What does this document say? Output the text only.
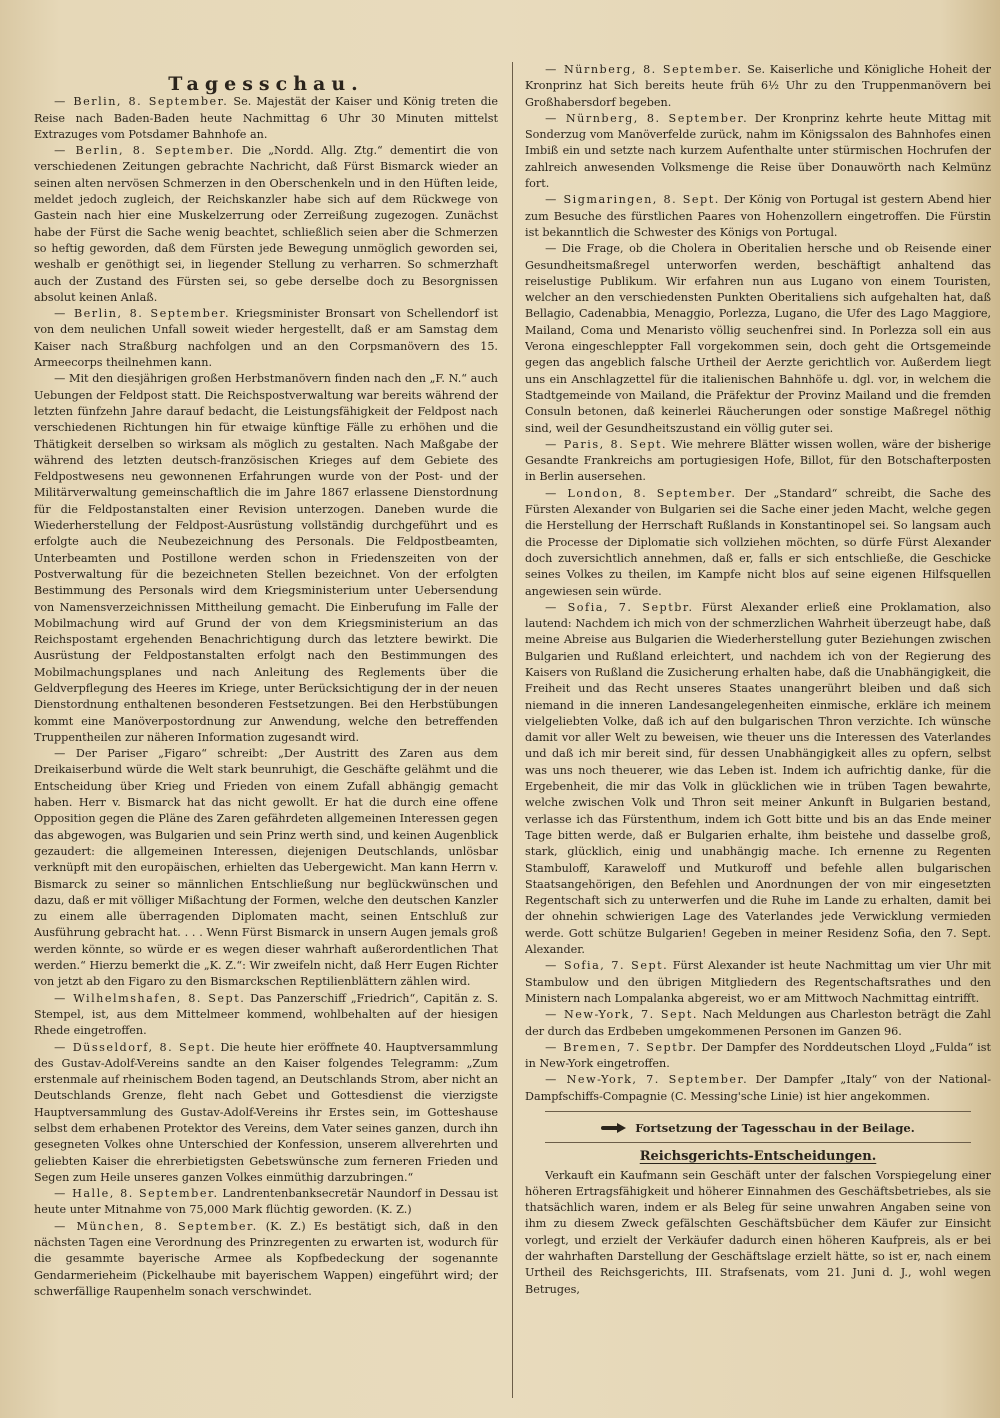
Tagesschau.

— Berlin, 8. September. Se. Majestät der Kaiser und König treten die Reise nach Baden-Baden heute Nachmittag 6 Uhr 30 Minuten mittelst Extrazuges vom Potsdamer Bahnhofe an.

— Berlin, 8. September. Die „Nordd. Allg. Ztg.“ dementirt die von verschiedenen Zeitungen gebrachte Nachricht, daß Fürst Bismarck wieder an seinen alten nervösen Schmerzen in den Oberschenkeln und in den Hüften leide, meldet jedoch zugleich, der Reichskanzler habe sich auf dem Rückwege von Gastein nach hier eine Muskelzerrung oder Zerreißung zugezogen. Zunächst habe der Fürst die Sache wenig beachtet, schließlich seien aber die Schmerzen so heftig geworden, daß dem Fürsten jede Bewegung unmöglich geworden sei, weshalb er genöthigt sei, in liegender Stellung zu verharren. So schmerzhaft auch der Zustand des Fürsten sei, so gebe derselbe doch zu Besorgnissen absolut keinen Anlaß.

— Berlin, 8. September. Kriegsminister Bronsart von Schellendorf ist von dem neulichen Unfall soweit wieder hergestellt, daß er am Samstag dem Kaiser nach Straßburg nachfolgen und an den Corpsmanövern des 15. Armeecorps theilnehmen kann.

— Mit den diesjährigen großen Herbstmanövern finden nach den „F. N.“ auch Uebungen der Feldpost statt. Die Reichspostverwaltung war bereits während der letzten fünfzehn Jahre darauf bedacht, die Leistungsfähigkeit der Feldpost nach verschiedenen Richtungen hin für etwaige künftige Fälle zu erhöhen und die Thätigkeit derselben so wirksam als möglich zu gestalten. Nach Maßgabe der während des letzten deutsch-französischen Krieges auf dem Gebiete des Feldpostwesens neu gewonnenen Erfahrungen wurde von der Post- und der Militärverwaltung gemeinschaftlich die im Jahre 1867 erlassene Dienstordnung für die Feldpostanstalten einer Revision unterzogen. Daneben wurde die Wiederherstellung der Feldpost-Ausrüstung vollständig durchgeführt und es erfolgte auch die Neubezeichnung des Personals. Die Feldpostbeamten, Unterbeamten und Postillone werden schon in Friedenszeiten von der Postverwaltung für die bezeichneten Stellen bezeichnet. Von der erfolgten Bestimmung des Personals wird dem Kriegsministerium unter Uebersendung von Namensverzeichnissen Mittheilung gemacht. Die Einberufung im Falle der Mobilmachung wird auf Grund der von dem Kriegsministerium an das Reichspostamt ergehenden Benachrichtigung durch das letztere bewirkt. Die Ausrüstung der Feldpostanstalten erfolgt nach den Bestimmungen des Mobilmachungsplanes und nach Anleitung des Reglements über die Geldverpflegung des Heeres im Kriege, unter Berücksichtigung der in der neuen Dienstordnung enthaltenen besonderen Festsetzungen. Bei den Herbstübungen kommt eine Manöverpostordnung zur Anwendung, welche den betreffenden Truppentheilen zur näheren Information zugesandt wird.

— Der Pariser „Figaro“ schreibt: „Der Austritt des Zaren aus dem Dreikaiserbund würde die Welt stark beunruhigt, die Geschäfte gelähmt und die Entscheidung über Krieg und Frieden von einem Zufall abhängig gemacht haben. Herr v. Bismarck hat das nicht gewollt. Er hat die durch eine offene Opposition gegen die Pläne des Zaren gefährdeten allgemeinen Interessen gegen das abgewogen, was Bulgarien und sein Prinz werth sind, und keinen Augenblick gezaudert: die allgemeinen Interessen, diejenigen Deutschlands, unlösbar verknüpft mit den europäischen, erhielten das Uebergewicht. Man kann Herrn v. Bismarck zu seiner so männlichen Entschließung nur beglückwünschen und dazu, daß er mit völliger Mißachtung der Formen, welche den deutschen Kanzler zu einem alle überragenden Diplomaten macht, seinen Entschluß zur Ausführung gebracht hat. . . . Wenn Fürst Bismarck in unsern Augen jemals groß werden könnte, so würde er es wegen dieser wahrhaft außerordentlichen That werden.“ Hierzu bemerkt die „K. Z.“: Wir zweifeln nicht, daß Herr Eugen Richter von jetzt ab den Figaro zu den Bismarckschen Reptilienblättern zählen wird.

— Wilhelmshafen, 8. Sept. Das Panzerschiff „Friedrich“, Capitän z. S. Stempel, ist, aus dem Mittelmeer kommend, wohlbehalten auf der hiesigen Rhede eingetroffen.

— Düsseldorf, 8. Sept. Die heute hier eröffnete 40. Hauptversammlung des Gustav-Adolf-Vereins sandte an den Kaiser folgendes Telegramm: „Zum erstenmale auf rheinischem Boden tagend, an Deutschlands Strom, aber nicht an Deutschlands Grenze, fleht nach Gebet und Gottesdienst die vierzigste Hauptversammlung des Gustav-Adolf-Vereins ihr Erstes sein, im Gotteshause selbst dem erhabenen Protektor des Vereins, dem Vater seines ganzen, durch ihn gesegneten Volkes ohne Unterschied der Konfession, unserem allverehrten und geliebten Kaiser die ehrerbietigsten Gebetswünsche zum ferneren Frieden und Segen zum Heile unseres ganzen Volkes einmüthig darzubringen.“

— Halle, 8. September. Landrentenbanksecretär Naundorf in Dessau ist heute unter Mitnahme von 75,000 Mark flüchtig geworden. (K. Z.)

— München, 8. September. (K. Z.) Es bestätigt sich, daß in den nächsten Tagen eine Verordnung des Prinzregenten zu erwarten ist, wodurch für die gesammte bayerische Armee als Kopfbedeckung der sogenannte Gendarmerieheim (Pickelhaube mit bayerischem Wappen) eingeführt wird; der schwerfällige Raupenhelm sonach verschwindet.

— Nürnberg, 8. September. Se. Kaiserliche und Königliche Hoheit der Kronprinz hat Sich bereits heute früh 6½ Uhr zu den Truppenmanövern bei Großhabersdorf begeben.

— Nürnberg, 8. September. Der Kronprinz kehrte heute Mittag mit Sonderzug vom Manöverfelde zurück, nahm im Königssalon des Bahnhofes einen Imbiß ein und setzte nach kurzem Aufenthalte unter stürmischen Hochrufen der zahlreich anwesenden Volksmenge die Reise über Donauwörth nach Kelmünz fort.

— Sigmaringen, 8. Sept. Der König von Portugal ist gestern Abend hier zum Besuche des fürstlichen Paares von Hohenzollern eingetroffen. Die Fürstin ist bekanntlich die Schwester des Königs von Portugal.

— Die Frage, ob die Cholera in Oberitalien hersche und ob Reisende einer Gesundheitsmaßregel unterworfen werden, beschäftigt anhaltend das reiselustige Publikum. Wir erfahren nun aus Lugano von einem Touristen, welcher an den verschiedensten Punkten Oberitaliens sich aufgehalten hat, daß Bellagio, Cadenabbia, Menaggio, Porlezza, Lugano, die Ufer des Lago Maggiore, Mailand, Coma und Menaristo völlig seuchenfrei sind. In Porlezza soll ein aus Verona eingeschleppter Fall vorgekommen sein, doch geht die Ortsgemeinde gegen das angeblich falsche Urtheil der Aerzte gerichtlich vor. Außerdem liegt uns ein Anschlagzettel für die italienischen Bahnhöfe u. dgl. vor, in welchem die Stadtgemeinde von Mailand, die Präfektur der Provinz Mailand und die fremden Consuln betonen, daß keinerlei Räucherungen oder sonstige Maßregel nöthig sind, weil der Gesundheitszustand ein völlig guter sei.

— Paris, 8. Sept. Wie mehrere Blätter wissen wollen, wäre der bisherige Gesandte Frankreichs am portugiesigen Hofe, Billot, für den Botschafterposten in Berlin ausersehen.

— London, 8. September. Der „Standard“ schreibt, die Sache des Fürsten Alexander von Bulgarien sei die Sache einer jeden Macht, welche gegen die Herstellung der Herrschaft Rußlands in Konstantinopel sei. So langsam auch die Processe der Diplomatie sich vollziehen möchten, so dürfe Fürst Alexander doch zuversichtlich annehmen, daß er, falls er sich entschließe, die Geschicke seines Volkes zu theilen, im Kampfe nicht blos auf seine eigenen Hilfsquellen angewiesen sein würde.

— Sofia, 7. Septbr. Fürst Alexander erließ eine Proklamation, also lautend: Nachdem ich mich von der schmerzlichen Wahrheit überzeugt habe, daß meine Abreise aus Bulgarien die Wiederherstellung guter Beziehungen zwischen Bulgarien und Rußland erleichtert, und nachdem ich von der Regierung des Kaisers von Rußland die Zusicherung erhalten habe, daß die Unabhängigkeit, die Freiheit und das Recht unseres Staates unangerührt bleiben und daß sich niemand in die inneren Landesangelegenheiten einmische, erkläre ich meinem vielgeliebten Volke, daß ich auf den bulgarischen Thron verzichte. Ich wünsche damit vor aller Welt zu beweisen, wie theuer uns die Interessen des Vaterlandes und daß ich mir bereit sind, für dessen Unabhängigkeit alles zu opfern, selbst was uns noch theuerer, wie das Leben ist. Indem ich aufrichtig danke, für die Ergebenheit, die mir das Volk in glücklichen wie in trüben Tagen bewahrte, welche zwischen Volk und Thron seit meiner Ankunft in Bulgarien bestand, verlasse ich das Fürstenthum, indem ich Gott bitte und bis an das Ende meiner Tage bitten werde, daß er Bulgarien erhalte, ihm beistehe und dasselbe groß, stark, glücklich, einig und unabhängig mache. Ich ernenne zu Regenten Stambuloff, Karaweloff und Mutkuroff und befehle allen bulgarischen Staatsangehörigen, den Befehlen und Anordnungen der von mir eingesetzten Regentschaft sich zu unterwerfen und die Ruhe im Lande zu erhalten, damit bei der ohnehin schwierigen Lage des Vaterlandes jede Verwicklung vermieden werde. Gott schütze Bulgarien! Gegeben in meiner Residenz Sofia, den 7. Sept. Alexander.

— Sofia, 7. Sept. Fürst Alexander ist heute Nachmittag um vier Uhr mit Stambulow und den übrigen Mitgliedern des Regentschaftsrathes und den Ministern nach Lompalanka abgereist, wo er am Mittwoch Nachmittag eintrifft.

— New-York, 7. Sept. Nach Meldungen aus Charleston beträgt die Zahl der durch das Erdbeben umgekommenen Personen im Ganzen 96.

— Bremen, 7. Septbr. Der Dampfer des Norddeutschen Lloyd „Fulda“ ist in New-York eingetroffen.

— New-York, 7. September. Der Dampfer „Italy“ von der National-Dampfschiffs-Compagnie (C. Messing'sche Linie) ist hier angekommen.

Fortsetzung der Tagesschau in der Beilage.
Reichsgerichts-Entscheidungen.

Verkauft ein Kaufmann sein Geschäft unter der falschen Vorspiegelung einer höheren Ertragsfähigkeit und höherer Einnahmen des Geschäftsbetriebes, als sie thatsächlich waren, indem er als Beleg für seine unwahren Angaben seine von ihm zu diesem Zweck gefälschten Geschäftsbücher dem Käufer zur Einsicht vorlegt, und erzielt der Verkäufer dadurch einen höheren Kaufpreis, als er bei der wahrhaften Darstellung der Geschäftslage erzielt hätte, so ist er, nach einem Urtheil des Reichsgerichts, III. Strafsenats, vom 21. Juni d. J., wohl wegen Betruges,
